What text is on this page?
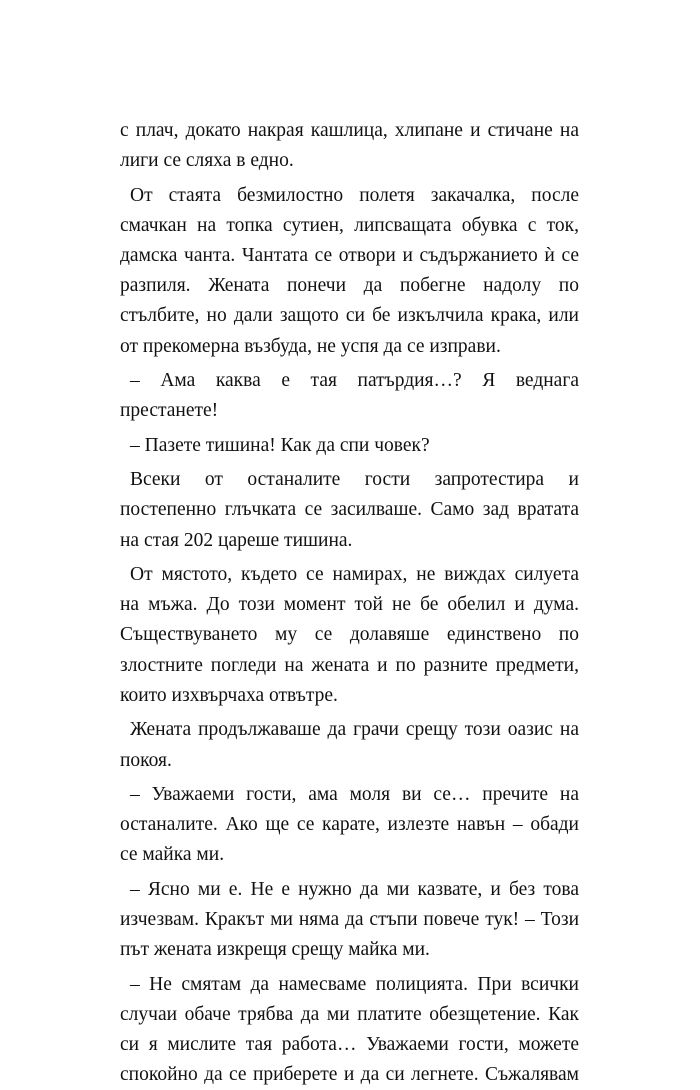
с плач, докато накрая кашлица, хлипане и стичане на
лиги се сляха в едно.
От стаята безмилостно полетя закачалка, после
смачкан на топка сутиен, липсващата обувка с ток,
дамска чанта. Чантата се отвори и съдържанието ѝ се
разпиля. Жената понечи да побегне надолу по
стълбите, но дали защото си бе изкълчила крака, или
от прекомерна възбуда, не успя да се изправи.
– Ама каква е тая патърдия…? Я веднага
престанете!
– Пазете тишина! Как да спи човек?
Всеки от останалите гости запротестира и
постепенно глъчката се засилваше. Само зад вратата
на стая 202 цареше тишина.
От мястото, където се намирах, не виждах силуета
на мъжа. До този момент той не бе обелил и дума.
Съществуването му се долавяше единствено по
злостните погледи на жената и по разните предмети,
които изхвърчаха отвътре.
Жената продължаваше да грачи срещу този оазис на
покоя.
– Уважаеми гости, ама моля ви се… пречите на
останалите. Ако ще се карате, излезте навън – обади
се майка ми.
– Ясно ми е. Не е нужно да ми казвате, и без това
изчезвам. Кракът ми няма да стъпи повече тук! – Този
път жената изкрещя срещу майка ми.
– Не смятам да намесваме полицията. При всички
случаи обаче трябва да ми платите обезщетение. Как
си я мислите тая работа… Уважаеми гости, можете
спокойно да се приберете и да си легнете. Съжалявам
